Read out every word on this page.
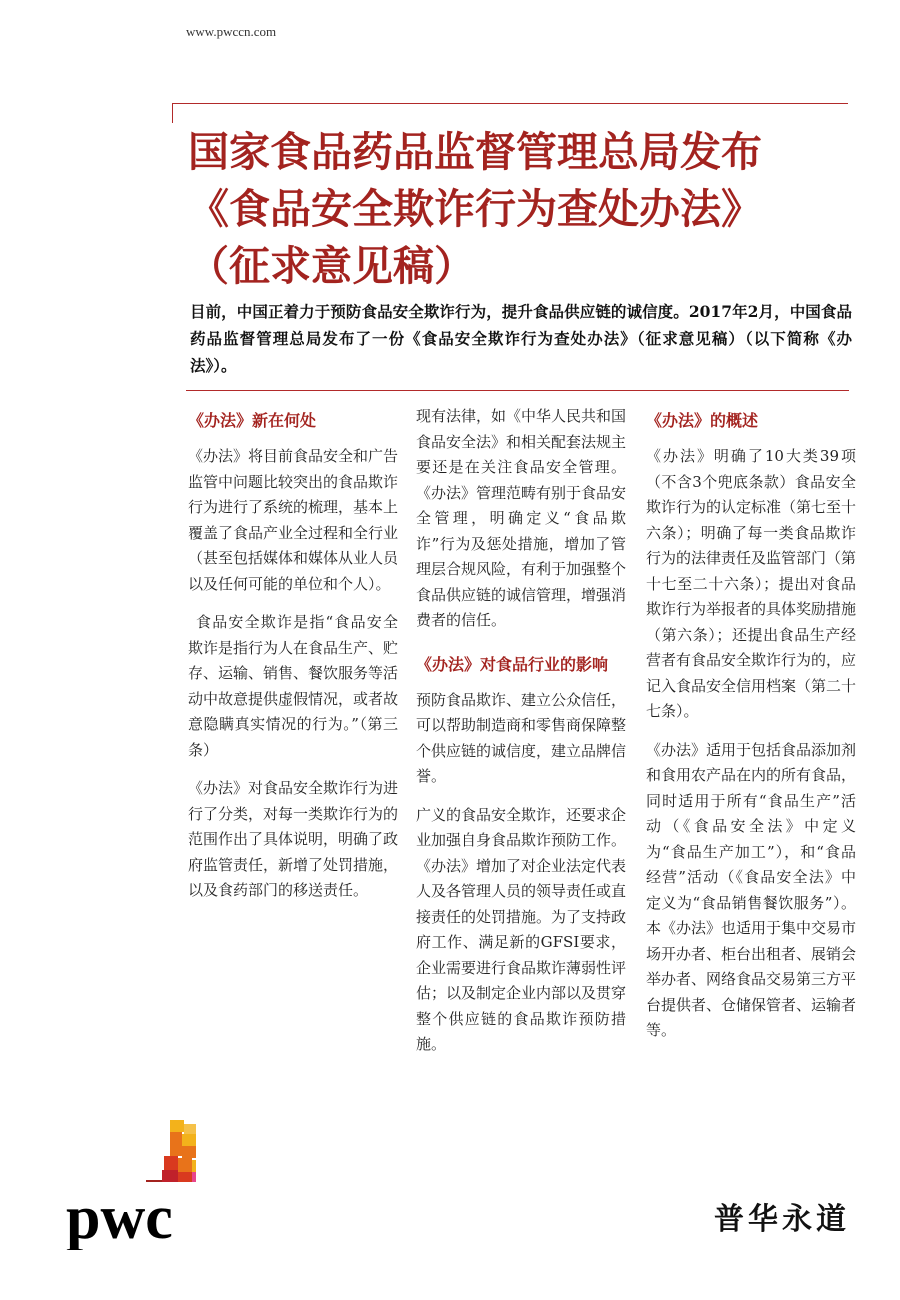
www.pwccn.com
国家食品药品监督管理总局发布
《食品安全欺诈行为查处办法》
（征求意见稿）

目前，中国正着力于预防食品安全欺诈行为，提升食品供应链的诚信度。2017年2月，中国食品药品监督管理总局发布了一份《食品安全欺诈行为查处办法》（征求意见稿）（以下简称《办法》）。

《办法》新在何处

《办法》将目前食品安全和广告监管中问题比较突出的食品欺诈行为进行了系统的梳理，基本上覆盖了食品产业全过程和全行业（甚至包括媒体和媒体从业人员以及任何可能的单位和个人）。

食品安全欺诈是指“食品安全欺诈是指行为人在食品生产、贮存、运输、销售、餐饮服务等活动中故意提供虚假情况，或者故意隐瞒真实情况的行为。”（第三条）

《办法》对食品安全欺诈行为进行了分类，对每一类欺诈行为的范围作出了具体说明，明确了政府监管责任，新增了处罚措施，以及食药部门的移送责任。

现有法律，如《中华人民共和国食品安全法》和相关配套法规主要还是在关注食品安全管理。《办法》管理范畴有别于食品安全管理，明确定义“食品欺诈”行为及惩处措施，增加了管理层合规风险，有利于加强整个食品供应链的诚信管理，增强消费者的信任。

《办法》对食品行业的影响

预防食品欺诈、建立公众信任，可以帮助制造商和零售商保障整个供应链的诚信度，建立品牌信誉。

广义的食品安全欺诈，还要求企业加强自身食品欺诈预防工作。《办法》增加了对企业法定代表人及各管理人员的领导责任或直接责任的处罚措施。为了支持政府工作、满足新的GFSI要求，企业需要进行食品欺诈薄弱性评估；以及制定企业内部以及贯穿整个供应链的食品欺诈预防措施。

《办法》的概述

《办法》明确了10大类39项（不含3个兜底条款）食品安全欺诈行为的认定标准（第七至十六条）；明确了每一类食品欺诈行为的法律责任及监管部门（第十七至二十六条）；提出对食品欺诈行为举报者的具体奖励措施（第六条）；还提出食品生产经营者有食品安全欺诈行为的，应记入食品安全信用档案（第二十七条）。

《办法》适用于包括食品添加剂和食用农产品在内的所有食品，同时适用于所有“食品生产”活动（《食品安全法》中定义为“食品生产加工”），和“食品经营”活动（《食品安全法》中定义为“食品销售餐饮服务”）。本《办法》也适用于集中交易市场开办者、柜台出租者、展销会举办者、网络食品交易第三方平台提供者、仓储保管者、运输者等。

pwc	普华永道
